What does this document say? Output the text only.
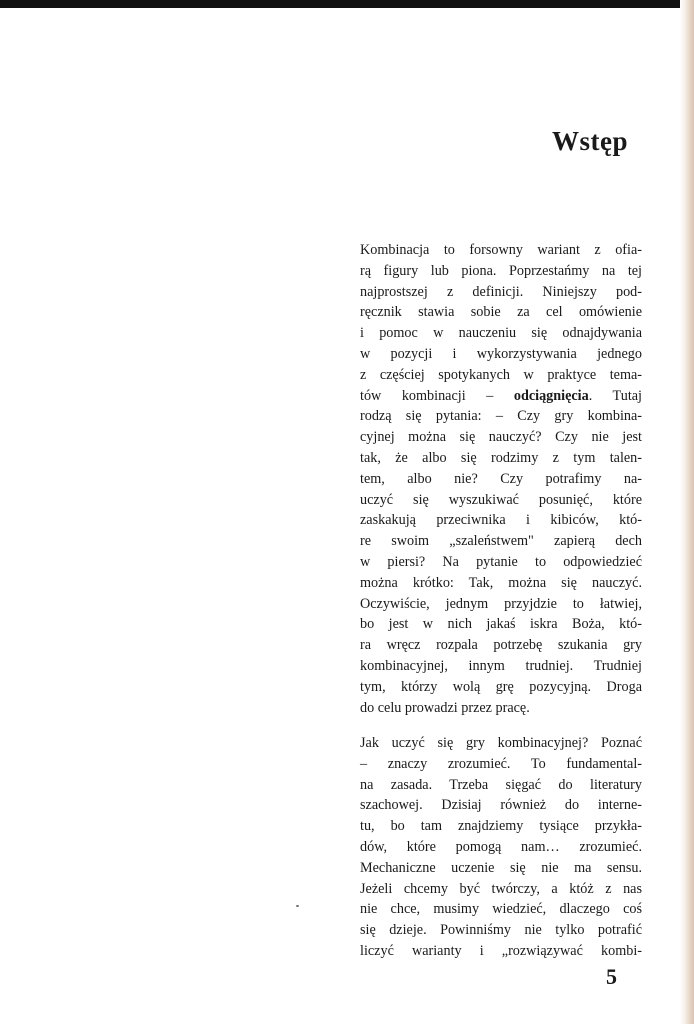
Wstęp
Kombinacja to forsowny wariant z ofia-
rą figury lub piona. Poprzestańmy na tej
najprostszej z definicji. Niniejszy pod-
ręcznik stawia sobie za cel omówienie
i pomoc w nauczeniu się odnajdywania
w pozycji i wykorzystywania jednego
z częściej spotykanych w praktyce tema-
tów kombinacji – odciągnięcia. Tutaj
rodzą się pytania: – Czy gry kombina-
cyjnej można się nauczyć? Czy nie jest
tak, że albo się rodzimy z tym talen-
tem, albo nie? Czy potrafimy na-
uczyć się wyszukiwać posunięć, które
zaskakują przeciwnika i kibiców, któ-
re swoim „szaleństwem" zapierą dech
w piersi? Na pytanie to odpowiedzieć
można krótko: Tak, można się nauczyć.
Oczywiście, jednym przyjdzie to łatwiej,
bo jest w nich jakaś iskra Boża, któ-
ra wręcz rozpala potrzebę szukania gry
kombinacyjnej, innym trudniej. Trudniej
tym, którzy wolą grę pozycyjną. Droga
do celu prowadzi przez pracę.
Jak uczyć się gry kombinacyjnej? Poznać
– znaczy zrozumieć. To fundamental-
na zasada. Trzeba sięgać do literatury
szachowej. Dzisiaj również do interne-
tu, bo tam znajdziemy tysiące przykła-
dów, które pomogą nam… zrozumieć.
Mechaniczne uczenie się nie ma sensu.
Jeżeli chcemy być twórczy, a któż z nas
nie chce, musimy wiedzieć, dlaczego coś
się dzieje. Powinniśmy nie tylko potrafić
liczyć warianty i „rozwiązywać kombi-

5
